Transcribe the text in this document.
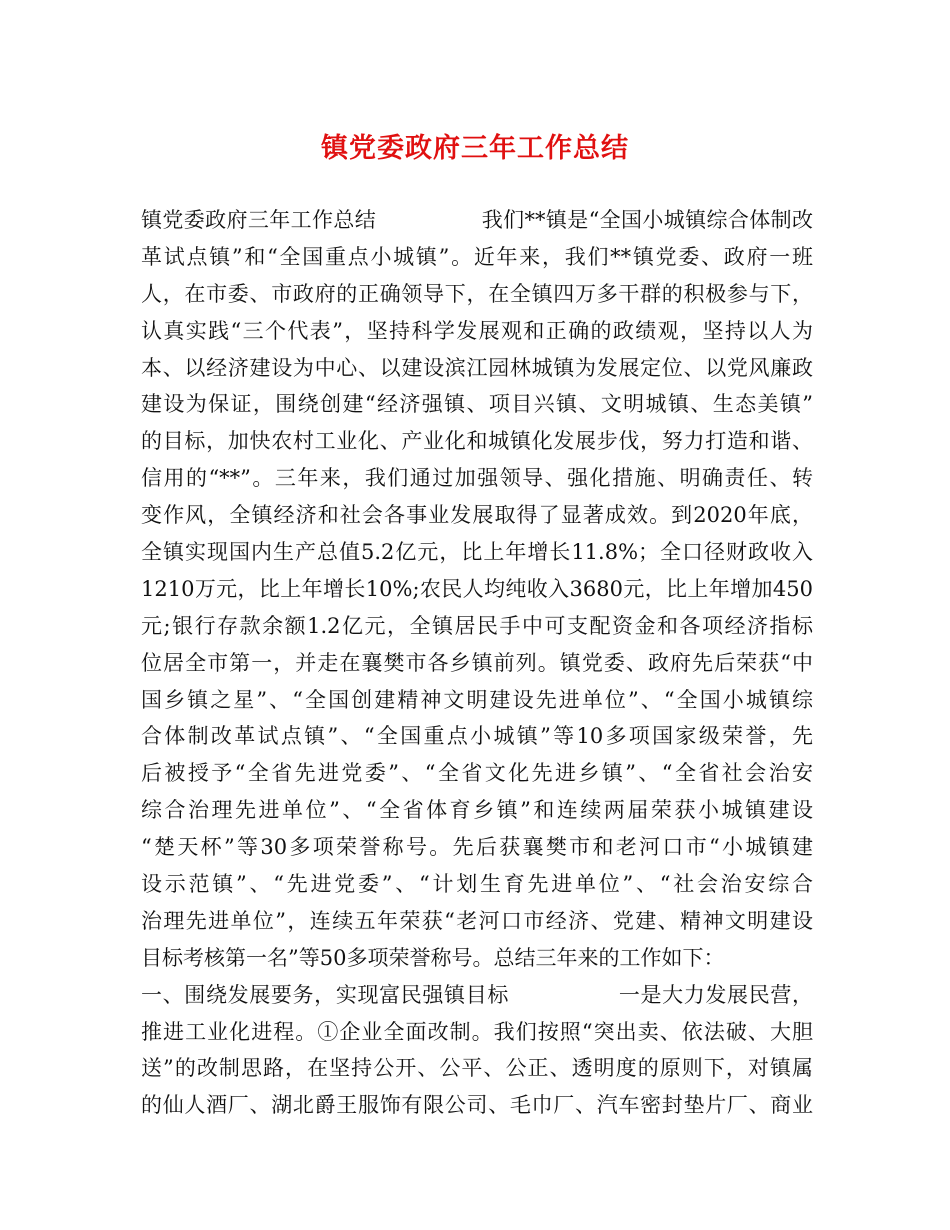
镇党委政府三年工作总结
镇党委政府三年工作总结               我们**镇是“全国小城镇综合体制改
革试点镇”和“全国重点小城镇”。近年来，我们**镇党委、政府一班
人，在市委、市政府的正确领导下，在全镇四万多干群的积极参与下，
认真实践“三个代表”，坚持科学发展观和正确的政绩观，坚持以人为
本、以经济建设为中心、以建设滨江园林城镇为发展定位、以党风廉政
建设为保证，围绕创建“经济强镇、项目兴镇、文明城镇、生态美镇”
的目标，加快农村工业化、产业化和城镇化发展步伐，努力打造和谐、
信用的“**”。三年来，我们通过加强领导、强化措施、明确责任、转
变作风，全镇经济和社会各事业发展取得了显著成效。到2020年底，
全镇实现国内生产总值5.2亿元，比上年增长11.8%；全口径财政收入
1210万元，比上年增长10%;农民人均纯收入3680元，比上年增加450
元;银行存款余额1.2亿元，全镇居民手中可支配资金和各项经济指标
位居全市第一，并走在襄樊市各乡镇前列。镇党委、政府先后荣获“中
国乡镇之星”、“全国创建精神文明建设先进单位”、“全国小城镇综
合体制改革试点镇”、“全国重点小城镇”等10多项国家级荣誉，先
后被授予“全省先进党委”、“全省文化先进乡镇”、“全省社会治安
综合治理先进单位”、“全省体育乡镇”和连续两届荣获小城镇建设
“楚天杯”等30多项荣誉称号。先后获襄樊市和老河口市“小城镇建
设示范镇”、“先进党委”、“计划生育先进单位”、“社会治安综合
治理先进单位”，连续五年荣获“老河口市经济、党建、精神文明建设
目标考核第一名”等50多项荣誉称号。总结三年来的工作如下：
一、围绕发展要务，实现富民强镇目标               一是大力发展民营，
推进工业化进程。①企业全面改制。我们按照“突出卖、依法破、大胆
送”的改制思路，在坚持公开、公平、公正、透明度的原则下，对镇属
的仙人酒厂、湖北爵王服饰有限公司、毛巾厂、汽车密封垫片厂、商业
